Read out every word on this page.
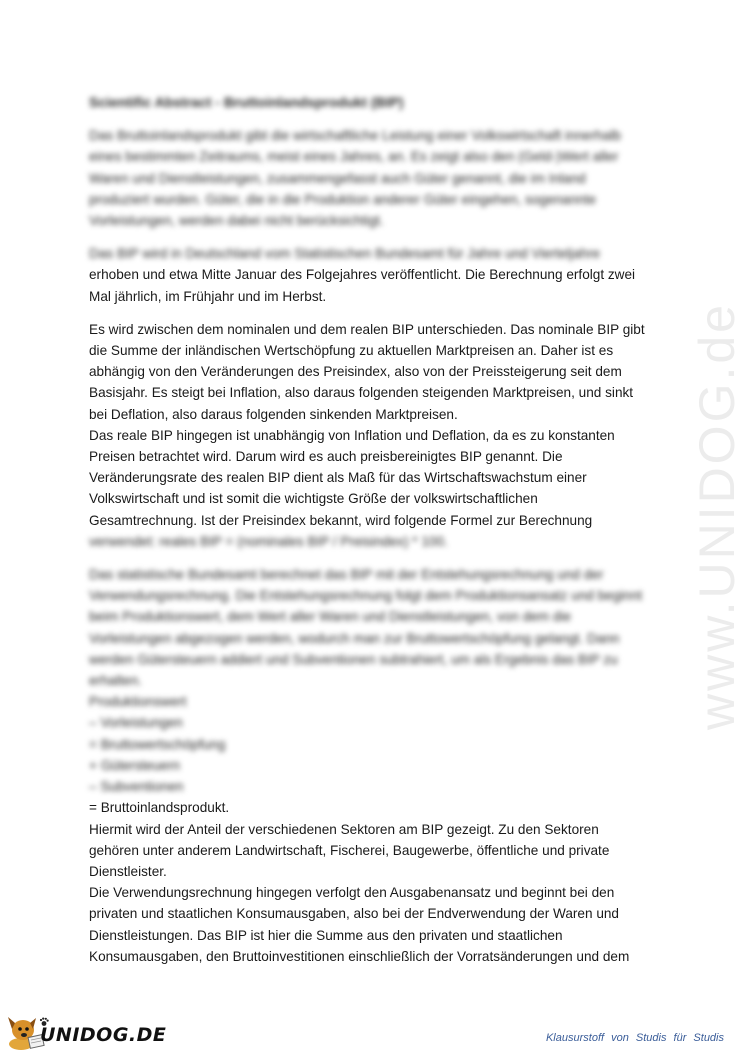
www.UNIDOG.de
Scientific Abstract - Bruttoinlandsprodukt (BIP)
Das Bruttoinlandsprodukt gibt die wirtschaftliche Leistung einer Volkswirtschaft innerhalb
eines bestimmten Zeitraums, meist eines Jahres, an. Es zeigt also den (Geld-)Wert aller
Waren und Dienstleistungen, zusammengefasst auch Güter genannt, die im Inland
produziert wurden. Güter, die in die Produktion anderer Güter eingehen, sogenannte
Vorleistungen, werden dabei nicht berücksichtigt.
Das BIP wird in Deutschland vom Statistischen Bundesamt für Jahre und Vierteljahre
erhoben und etwa Mitte Januar des Folgejahres veröffentlicht. Die Berechnung erfolgt zwei
Mal jährlich, im Frühjahr und im Herbst.
Es wird zwischen dem nominalen und dem realen BIP unterschieden. Das nominale BIP gibt
die Summe der inländischen Wertschöpfung zu aktuellen Marktpreisen an. Daher ist es
abhängig von den Veränderungen des Preisindex, also von der Preissteigerung seit dem
Basisjahr. Es steigt bei Inflation, also daraus folgenden steigenden Marktpreisen, und sinkt
bei Deflation, also daraus folgenden sinkenden Marktpreisen.
Das reale BIP hingegen ist unabhängig von Inflation und Deflation, da es zu konstanten
Preisen betrachtet wird. Darum wird es auch preisbereinigtes BIP genannt. Die
Veränderungsrate des realen BIP dient als Maß für das Wirtschaftswachstum einer
Volkswirtschaft und ist somit die wichtigste Größe der volkswirtschaftlichen
Gesamtrechnung. Ist der Preisindex bekannt, wird folgende Formel zur Berechnung
verwendet: reales BIP = (nominales BIP / Preisindex) * 100.
Das statistische Bundesamt berechnet das BIP mit der Entstehungsrechnung und der
Verwendungsrechnung. Die Entstehungsrechnung folgt dem Produktionsansatz und beginnt
beim Produktionswert, dem Wert aller Waren und Dienstleistungen, von dem die
Vorleistungen abgezogen werden, wodurch man zur Bruttowertschöpfung gelangt. Dann
werden Gütersteuern addiert und Subventionen subtrahiert, um als Ergebnis das BIP zu
erhalten.
Produktionswert
– Vorleistungen
= Bruttowertschöpfung
+ Gütersteuern
– Subventionen
= Bruttoinlandsprodukt.
Hiermit wird der Anteil der verschiedenen Sektoren am BIP gezeigt. Zu den Sektoren
gehören unter anderem Landwirtschaft, Fischerei, Baugewerbe, öffentliche und private
Dienstleister.
Die Verwendungsrechnung hingegen verfolgt den Ausgabenansatz und beginnt bei den
privaten und staatlichen Konsumausgaben, also bei der Endverwendung der Waren und
Dienstleistungen. Das BIP ist hier die Summe aus den privaten und staatlichen
Konsumausgaben, den Bruttoinvestitionen einschließlich der Vorratsänderungen und dem
UNIDOG.DE	Klausurstoff von Studis für Studis
